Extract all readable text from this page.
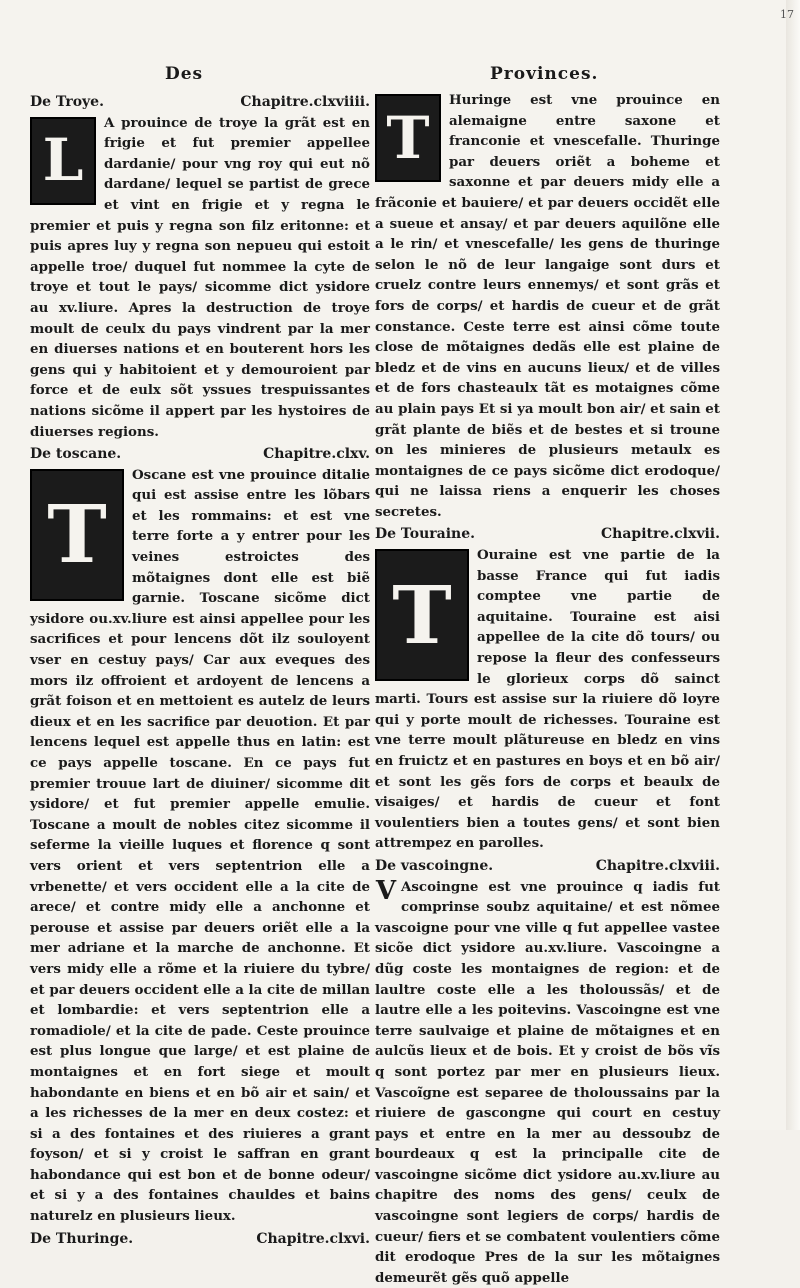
17
Des	Provinces.
De Troye.	Chapitre.clxviiii.

L
A prouince de troye la grãt est en frigie et fut premier appellee dardanie/ pour vng roy qui eut nõ dardane/ lequel se partist de grece et vint en frigie et y regna le premier et puis y regna son filz eritonne: et puis apres luy y regna son nepueu qui estoit appelle troe/ duquel fut nommee la cyte de troye et tout le pays/ sicomme dict ysidore au xv.liure. Apres la destruction de troye moult de ceulx du pays vindrent par la mer en diuerses nations et en bouterent hors les gens qui y habitoient et y demouroient par force et de eulx sõt yssues trespuissantes nations sicõme il appert par les hystoires de diuerses regions.

De toscane.	Chapitre.clxv.

T
Oscane est vne prouince ditalie qui est assise entre les lõbars et les rommains: et est vne terre forte a y entrer pour les veines estroictes des mõtaignes dont elle est biẽ garnie. Toscane sicõme dict ysidore ou.xv.liure est ainsi appellee pour les sacrifices et pour lencens dõt ilz souloyent vser en cestuy pays/ Car aux eveques des mors ilz offroient et ardoyent de lencens a grãt foison et en mettoient es autelz de leurs dieux et en les sacrifice par deuotion. Et par lencens lequel est appelle thus en latin: est ce pays appelle toscane. En ce pays fut premier trouue lart de diuiner/ sicomme dit ysidore/ et fut premier appelle emulie. Toscane a moult de nobles citez sicomme il seferme la vieille luques et florence q sont vers orient et vers septentrion elle a vrbenette/ et vers occident elle a la cite de arece/ et contre midy elle a anchonne et perouse et assise par deuers oriẽt elle a la mer adriane et la marche de anchonne. Et vers midy elle a rõme et la riuiere du tybre/ et par deuers occident elle a la cite de millan et lombardie: et vers septentrion elle a romadiole/ et la cite de pade. Ceste prouince est plus longue que large/ et est plaine de montaignes et en fort siege et moult habondante en biens et en bõ air et sain/ et a les richesses de la mer en deux costez: et si a des fontaines et des riuieres a grant foyson/ et si y croist le saffran en grant habondance qui est bon et de bonne odeur/ et si y a des fontaines chauldes et bains naturelz en plusieurs lieux.

De Thuringe.	Chapitre.clxvi.

T
Huringe est vne prouince en alemaigne entre saxone et franconie et vnescefalle. Thuringe par deuers oriẽt a boheme et saxonne et par deuers midy elle a frãconie et bauiere/ et par deuers occidẽt elle a sueue et ansay/ et par deuers aquilõne elle a le rin/ et vnescefalle/ les gens de thuringe selon le nõ de leur langaige sont durs et cruelz contre leurs ennemys/ et sont grãs et fors de corps/ et hardis de cueur et de grãt constance. Ceste terre est ainsi cõme toute close de mõtaignes dedãs elle est plaine de bledz et de vins en aucuns lieux/ et de villes et de fors chasteaulx tãt es motaignes cõme au plain pays Et si ya moult bon air/ et sain et grãt plante de biẽs et de bestes et si troune on les minieres de plusieurs metaulx es montaignes de ce pays sicõme dict erodoque/ qui ne laissa riens a enquerir les choses secretes.

De Touraine.	Chapitre.clxvii.

T
Ouraine est vne partie de la basse France qui fut iadis comptee vne partie de aquitaine. Touraine est aisi appellee de la cite dõ tours/ ou repose la fleur des confesseurs le glorieux corps dõ sainct marti. Tours est assise sur la riuiere dõ loyre qui y porte moult de richesses. Touraine est vne terre moult plãtureuse en bledz en vins en fruictz et en pastures en boys et en bõ air/ et sont les gẽs fors de corps et beaulx de visaiges/ et hardis de cueur et font voulentiers bien a toutes gens/ et sont bien attrempez en parolles.

De vascoingne.	Chapitre.clxviii.

V Ascoingne est vne prouince q iadis fut comprinse soubz aquitaine/ et est nõmee vascoigne pour vne ville q fut appellee vastee sicõe dict ysidore au.xv.liure. Vascoingne a dũg coste les montaignes de region: et de laultre coste elle a les tholoussãs/ et de lautre elle a les poitevins. Vascoingne est vne terre saulvaige et plaine de mõtaignes et en aulcũs lieux et de bois. Et y croist de bõs vĩs q sont portez par mer en plusieurs lieux. Vascoĩgne est separee de tholoussains par la riuiere de gascongne qui court en cestuy pays et entre en la mer au dessoubz de bourdeaux q est la principalle cite de vascoingne sicõme dict ysidore au.xv.liure au chapitre des noms des gens/ ceulx de vascoingne sont legiers de corps/ hardis de cueur/ fiers et se combatent voulentiers cõme dit erodoque Pres de la sur les mõtaignes demeurẽt gẽs quõ appelle
